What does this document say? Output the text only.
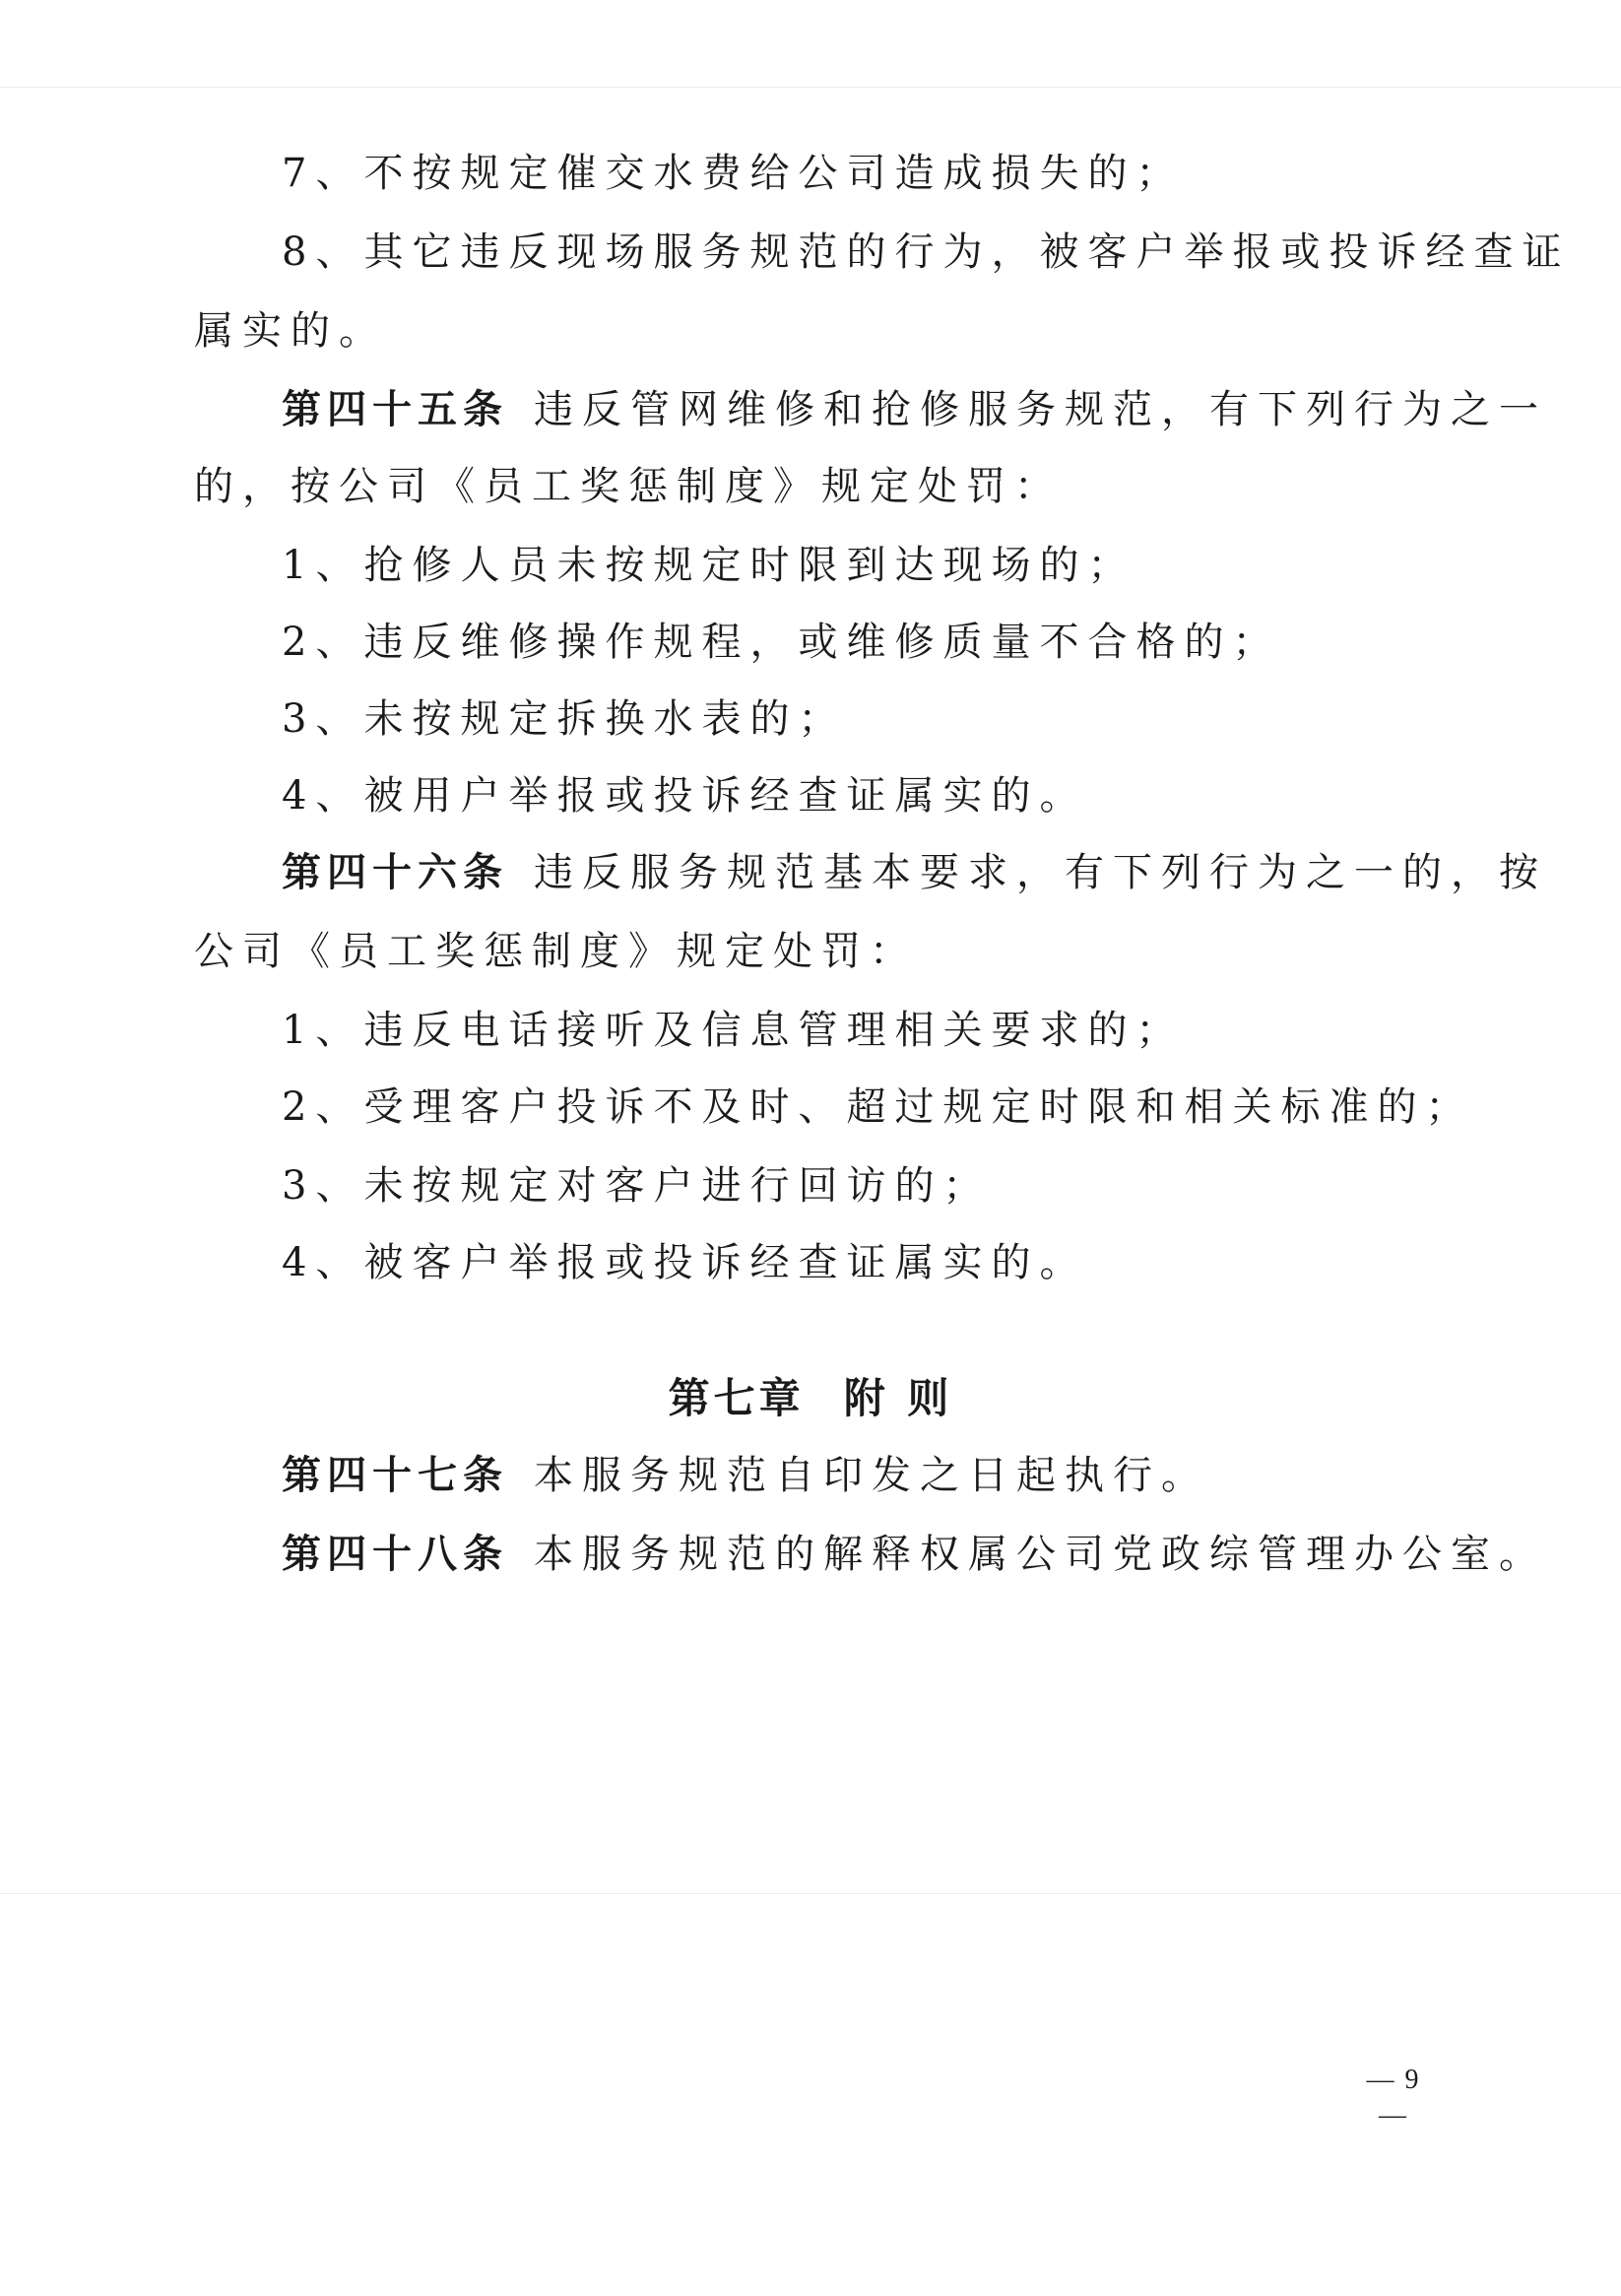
7、不按规定催交水费给公司造成损失的；
8、其它违反现场服务规范的行为，被客户举报或投诉经查证
属实的。
第四十五条 违反管网维修和抢修服务规范，有下列行为之一
的，按公司《员工奖惩制度》规定处罚：
1、抢修人员未按规定时限到达现场的；
2、违反维修操作规程，或维修质量不合格的；
3、未按规定拆换水表的；
4、被用户举报或投诉经查证属实的。
第四十六条 违反服务规范基本要求，有下列行为之一的，按
公司《员工奖惩制度》规定处罚：
1、违反电话接听及信息管理相关要求的；
2、受理客户投诉不及时、超过规定时限和相关标准的；
3、未按规定对客户进行回访的；
4、被客户举报或投诉经查证属实的。
第七章 附 则
第四十七条 本服务规范自印发之日起执行。
第四十八条 本服务规范的解释权属公司党政综管理办公室。
— 9 —
